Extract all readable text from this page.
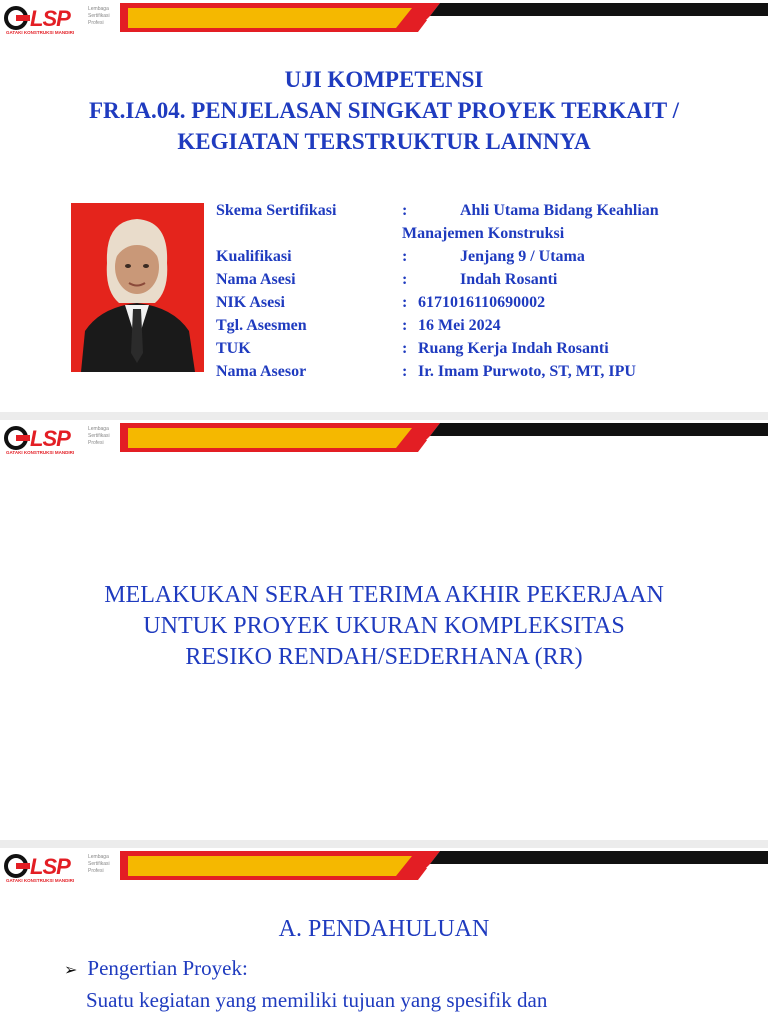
LSP	Lembaga
Sertifikasi
Profesi
GATAKI KONSTRUKSI MANDIRI
UJI KOMPETENSI
FR.IA.04. PENJELASAN SINGKAT PROYEK TERKAIT /
KEGIATAN TERSTRUKTUR LAINNYA
Skema Sertifikasi	:	Ahli Utama Bidang Keahlian
Manajemen Konstruksi
Kualifikasi	:	Jenjang 9 / Utama
Nama Asesi	:	Indah Rosanti
NIK Asesi	: 6171016110690002
Tgl. Asesmen	: 16 Mei 2024
TUK	: Ruang Kerja Indah Rosanti
Nama Asesor	: Ir. Imam Purwoto, ST, MT, IPU
LSP	Lembaga
Sertifikasi
Profesi
GATAKI KONSTRUKSI MANDIRI
MELAKUKAN SERAH TERIMA AKHIR PEKERJAAN
UNTUK PROYEK UKURAN KOMPLEKSITAS
RESIKO RENDAH/SEDERHANA (RR)
LSP	Lembaga
Sertifikasi
Profesi
GATAKI KONSTRUKSI MANDIRI
A. PENDAHULUAN
➢ Pengertian Proyek:
Suatu kegiatan yang memiliki tujuan yang spesifik dan
